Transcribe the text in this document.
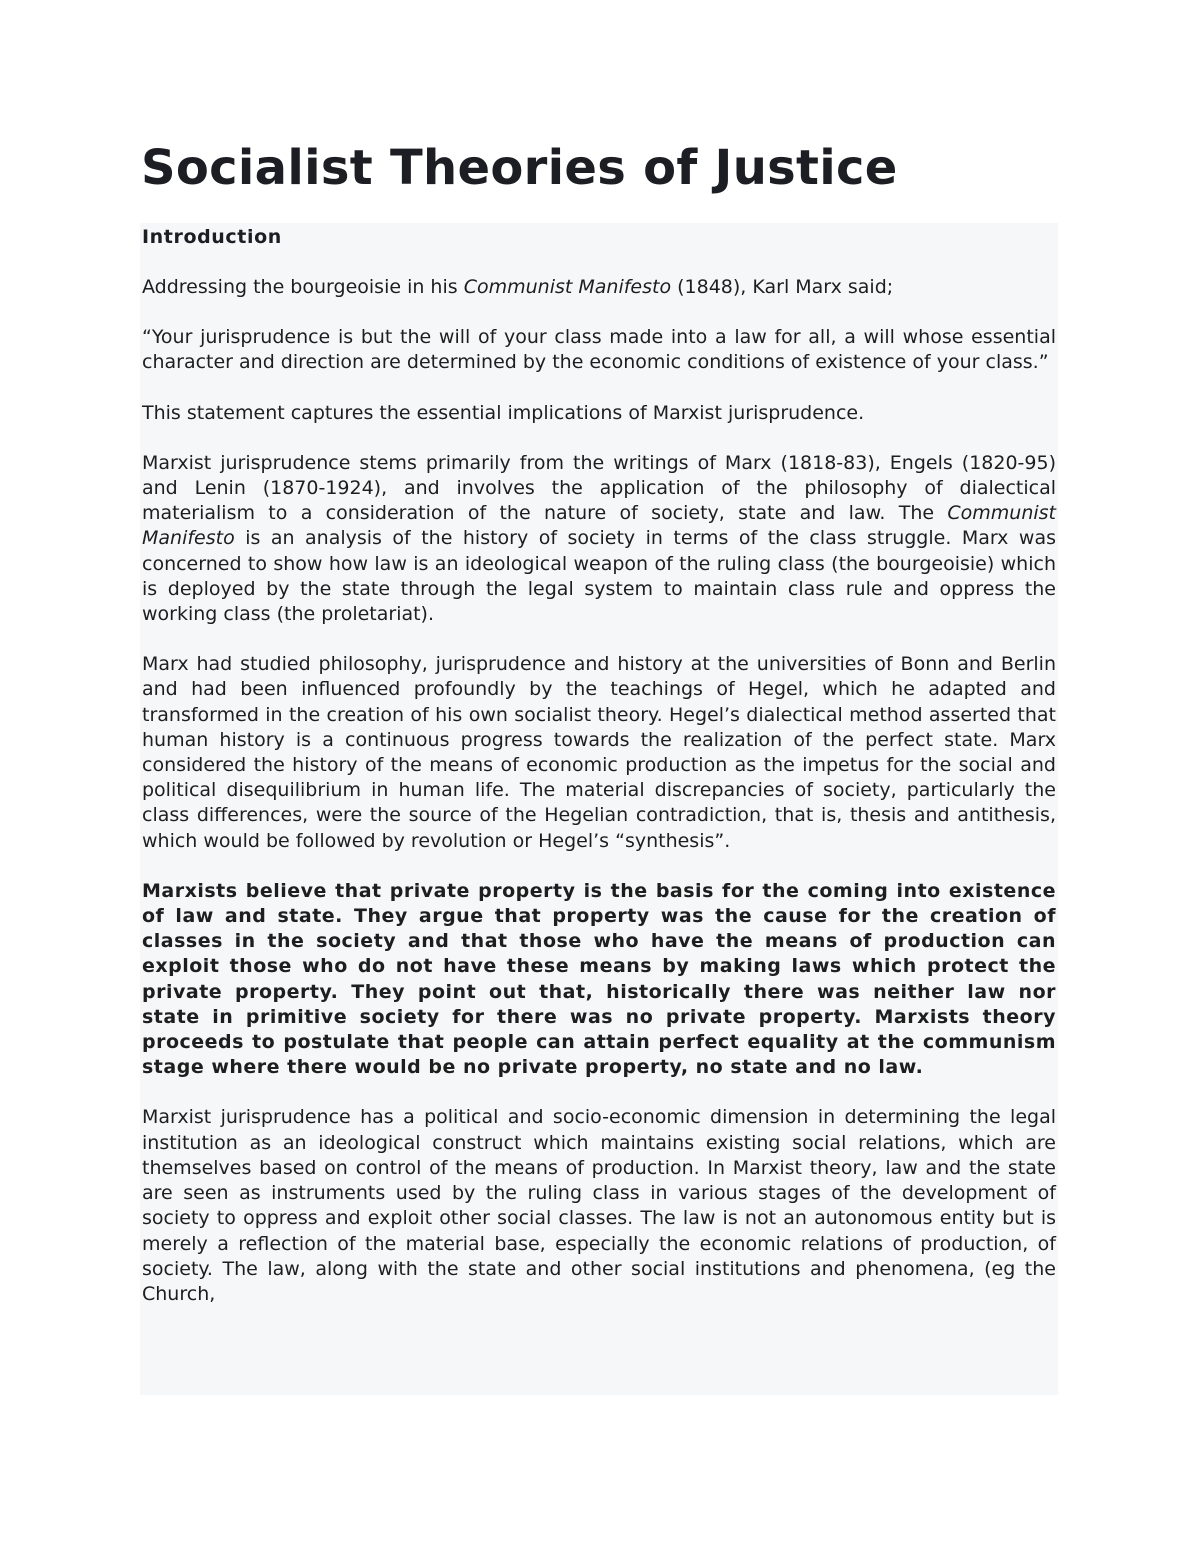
Socialist Theories of Justice

Introduction

Addressing the bourgeoisie in his Communist Manifesto (1848), Karl Marx said;

“Your jurisprudence is but the will of your class made into a law for all, a will whose essential character and direction are determined by the economic conditions of existence of your class.”

This statement captures the essential implications of Marxist jurisprudence.

Marxist jurisprudence stems primarily from the writings of Marx (1818-83), Engels (1820-95) and Lenin (1870-1924), and involves the application of the philosophy of dialectical materialism to a consideration of the nature of society, state and law. The Communist Manifesto is an analysis of the history of society in terms of the class struggle. Marx was concerned to show how law is an ideological weapon of the ruling class (the bourgeoisie) which is deployed by the state through the legal system to maintain class rule and oppress the working class (the proletariat).

Marx had studied philosophy, jurisprudence and history at the universities of Bonn and Berlin and had been influenced profoundly by the teachings of Hegel, which he adapted and transformed in the creation of his own socialist theory. Hegel’s dialectical method asserted that human history is a continuous progress towards the realization of the perfect state. Marx considered the history of the means of economic production as the impetus for the social and political disequilibrium in human life. The material discrepancies of society, particularly the class differences, were the source of the Hegelian contradiction, that is, thesis and antithesis, which would be followed by revolution or Hegel’s “synthesis”.

Marxists believe that private property is the basis for the coming into existence of law and state. They argue that property was the cause for the creation of classes in the society and that those who have the means of production can exploit those who do not have these means by making laws which protect the private property. They point out that, historically there was neither law nor state in primitive society for there was no private property. Marxists theory proceeds to postulate that people can attain perfect equality at the communism stage where there would be no private property, no state and no law.

Marxist jurisprudence has a political and socio-economic dimension in determining the legal institution as an ideological construct which maintains existing social relations, which are themselves based on control of the means of production. In Marxist theory, law and the state are seen as instruments used by the ruling class in various stages of the development of society to oppress and exploit other social classes. The law is not an autonomous entity but is merely a reflection of the material base, especially the economic relations of production, of society. The law, along with the state and other social institutions and phenomena, (eg the Church,
